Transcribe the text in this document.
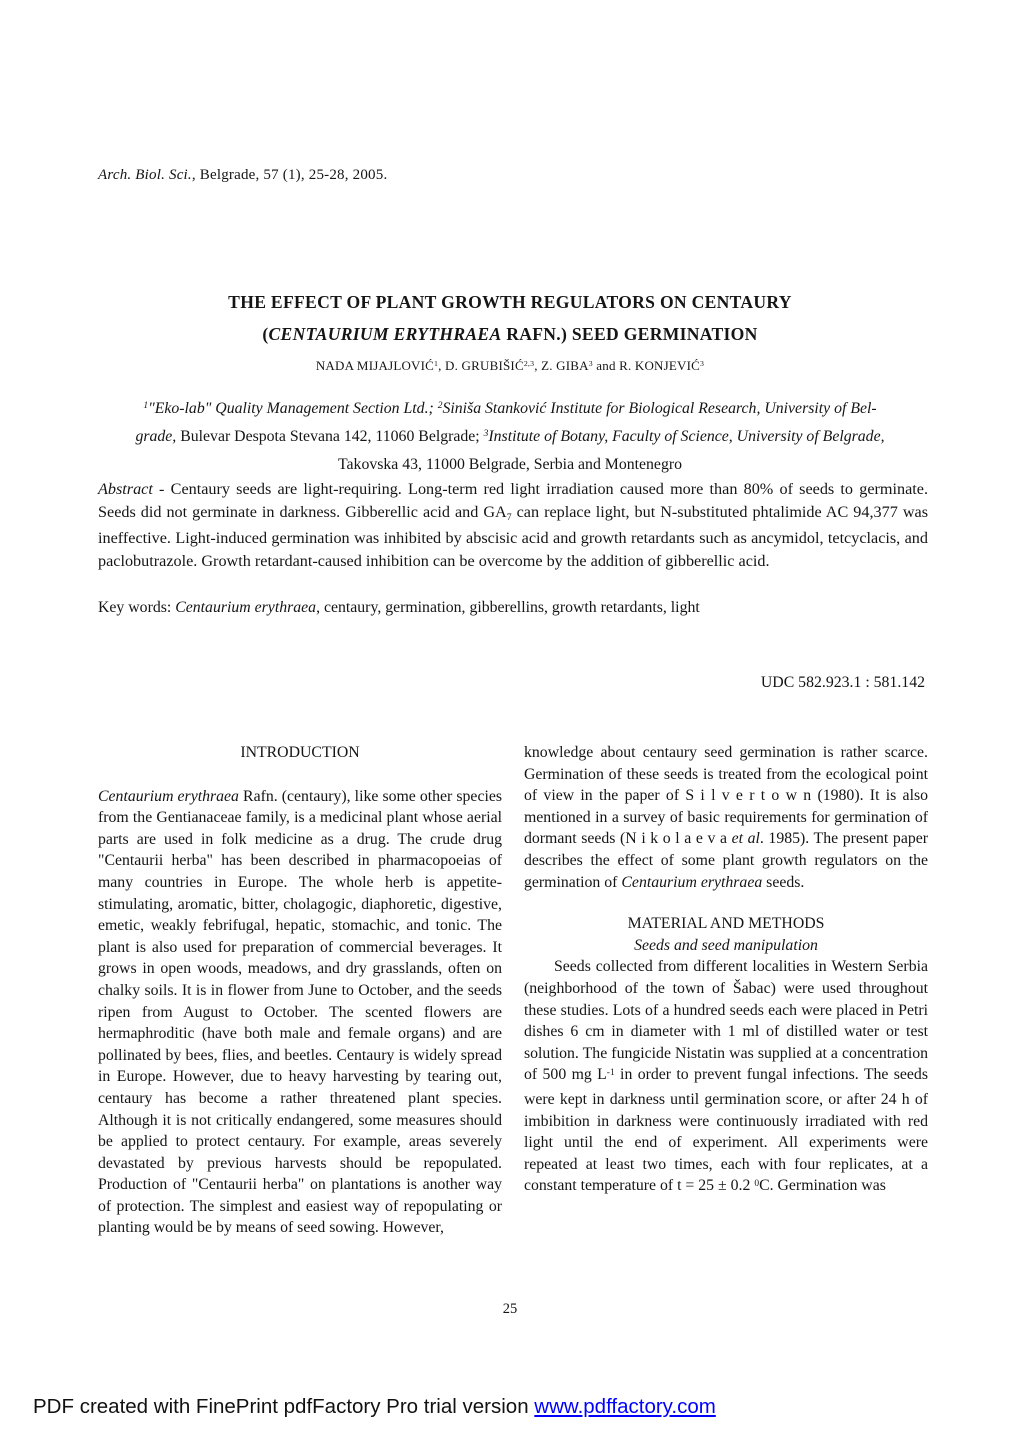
Arch. Biol. Sci., Belgrade, 57 (1), 25-28, 2005.
THE EFFECT OF PLANT GROWTH REGULATORS ON CENTAURY
(CENTAURIUM ERYTHRAEA RAFN.) SEED GERMINATION
NADA MIJAJLOVIĆ$^1$, D. GRUBIŠIĆ$^{2,3}$, Z. GIBA$^3$ and R. KONJEVIĆ$^3$
$^1$"Eko-lab" Quality Management Section Ltd.; $^2$Siniša Stanković Institute for Biological Research, University of Bel-
grade, Bulevar Despota Stevana 142, 11060 Belgrade; $^3$Institute of Botany, Faculty of Science, University of Belgrade,
Takovska 43, 11000 Belgrade, Serbia and Montenegro
Abstract - Centaury seeds are light-requiring. Long-term red light irradiation caused more than 80% of seeds to germinate. Seeds did not germinate in darkness. Gibberellic acid and GA7 can replace light, but N-substituted phtalimide AC 94,377 was ineffective. Light-induced germination was inhibited by abscisic acid and growth retardants such as ancymidol, tetcyclacis, and paclobutrazole. Growth retardant-caused inhibition can be overcome by the addition of gibberellic acid.
Key words: Centaurium erythraea, centaury, germination, gibberellins, growth retardants, light
UDC 582.923.1 : 581.142
INTRODUCTION

Centaurium erythraea Rafn. (centaury), like some other species from the Gentianaceae family, is a medicinal plant whose aerial parts are used in folk medicine as a drug. The crude drug "Centaurii herba" has been described in pharmacopoeias of many countries in Europe. The whole herb is appetite-stimulating, aromatic, bitter, cholagogic, diaphoretic, digestive, emetic, weakly febrifugal, hepatic, stomachic, and tonic. The plant is also used for preparation of commercial beverages. It grows in open woods, meadows, and dry grasslands, often on chalky soils. It is in flower from June to October, and the seeds ripen from August to October. The scented flowers are hermaphroditic (have both male and female organs) and are pollinated by bees, flies, and beetles. Centaury is widely spread in Europe. However, due to heavy harvesting by tearing out, centaury has become a rather threatened plant species. Although it is not critically endangered, some measures should be applied to protect centaury. For example, areas severely devastated by previous harvests should be repopulated. Production of "Centaurii herba" on plantations is another way of protection. The simplest and easiest way of repopulating or planting would be by means of seed sowing. However,

knowledge about centaury seed germination is rather scarce. Germination of these seeds is treated from the ecological point of view in the paper of S i l v e r t o w n (1980). It is also mentioned in a survey of basic requirements for germination of dormant seeds (N i k o l a e v a et al. 1985). The present paper describes the effect of some plant growth regulators on the germination of Centaurium erythraea seeds.

MATERIAL AND METHODS

Seeds and seed manipulation

Seeds collected from different localities in Western Serbia (neighborhood of the town of Šabac) were used throughout these studies. Lots of a hundred seeds each were placed in Petri dishes 6 cm in diameter with 1 ml of distilled water or test solution. The fungicide Nistatin was supplied at a concentration of 500 mg $L^{-1}$ in order to prevent fungal infections. The seeds were kept in darkness until germination score, or after 24 h of imbibition in darkness were continuously irradiated with red light until the end of experiment. All experiments were repeated at least two times, each with four replicates, at a constant temperature of t = 25 ± 0.2 $^0$C. Germination was

25
PDF created with FinePrint pdfFactory Pro trial version www.pdffactory.com
